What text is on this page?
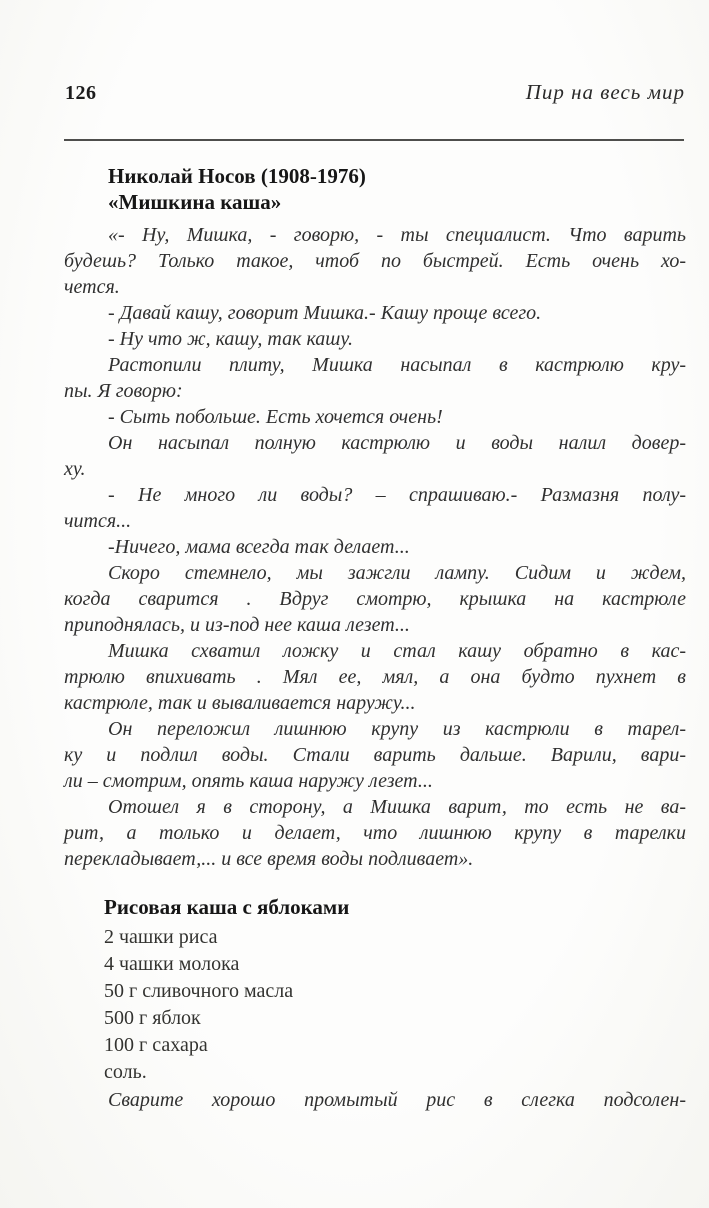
126	Пир на весь мир
Николай Носов (1908-1976)
«Мишкина каша»
«- Ну, Мишка, - говорю, - ты специалист. Что варить
будешь? Только такое, чтоб по быстрей. Есть очень хо-
чется.
- Давай кашу, говорит Мишка.- Кашу проще всего.
- Ну что ж, кашу, так кашу.
Растопили плиту, Мишка насыпал в кастрюлю кру-
пы. Я говорю:
- Сыть побольше. Есть хочется очень!
Он насыпал полную кастрюлю и воды налил довер-
ху.
- Не много ли воды? – спрашиваю.- Размазня полу-
чится...
-Ничего, мама всегда так делает...
Скоро стемнело, мы зажгли лампу. Сидим и ждем,
когда сварится . Вдруг смотрю, крышка на кастрюле
приподнялась, и из-под нее каша лезет...
Мишка схватил ложку и стал кашу обратно в кас-
трюлю впихивать . Мял ее, мял, а она будто пухнет в
кастрюле, так и вываливается наружу...
Он переложил лишнюю крупу из кастрюли в тарел-
ку и подлил воды. Стали варить дальше. Варили, вари-
ли – смотрим, опять каша наружу лезет...
Отошел я в сторону, а Мишка варит, то есть не ва-
рит, а только и делает, что лишнюю крупу в тарелки
перекладывает,... и все время воды подливает».
Рисовая каша с яблоками
2 чашки риса
4 чашки молока
50 г сливочного масла
500 г яблок
100 г сахара
соль.

Сварите хорошо промытый рис в слегка подсолен-
